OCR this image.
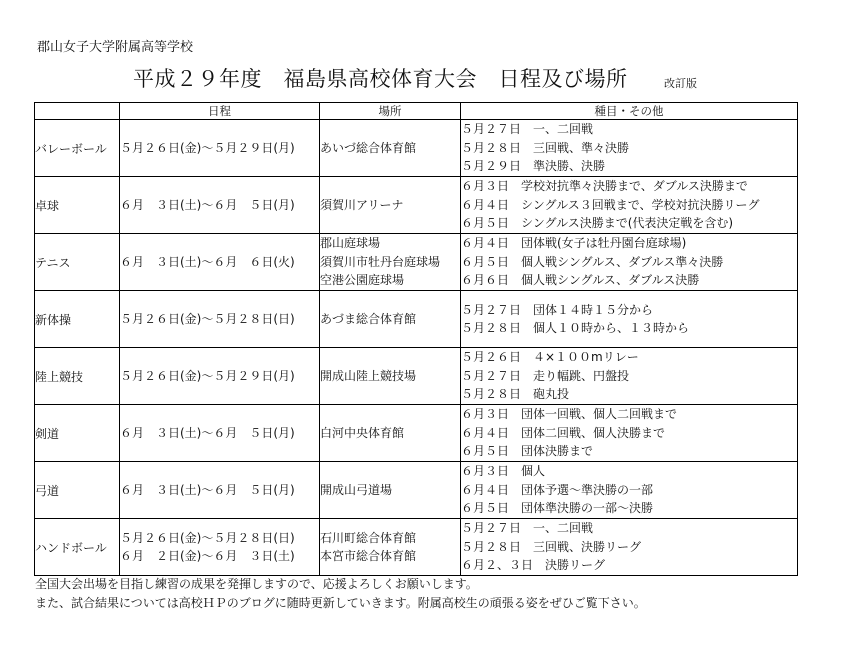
郡山女子大学附属高等学校
平成２９年度　福島県高校体育大会　日程及び場所	改訂版
	日程	場所	種目・その他
バレーボール	５月２６日(金)～５月２９日(月)	あいづ総合体育館	５月２７日　一、二回戦
５月２８日　三回戦、準々決勝
５月２９日　準決勝、決勝

卓球	６月　３日(土)～６月　５日(月)	須賀川アリーナ	６月３日　学校対抗準々決勝まで、ダブルス決勝まで
６月４日　シングルス３回戦まで、学校対抗決勝リーグ
６月５日　シングルス決勝まで(代表決定戦を含む)

テニス	６月　３日(土)～６月　６日(火)	郡山庭球場
須賀川市牡丹台庭球場
空港公園庭球場	６月４日　団体戦(女子は牡丹園台庭球場)
６月５日　個人戦シングルス、ダブルス準々決勝
６月６日　個人戦シングルス、ダブルス決勝

新体操	５月２６日(金)～５月２８日(日)	あづま総合体育館	５月２７日　団体１４時１５分から
５月２８日　個人１０時から、１３時から

陸上競技	５月２６日(金)～５月２９日(月)	開成山陸上競技場	５月２６日　４×１００mリレー
５月２７日　走り幅跳、円盤投
５月２８日　砲丸投

剣道	６月　３日(土)～６月　５日(月)	白河中央体育館	６月３日　団体一回戦、個人二回戦まで
６月４日　団体二回戦、個人決勝まで
６月５日　団体決勝まで

弓道	６月　３日(土)～６月　５日(月)	開成山弓道場	６月３日　個人
６月４日　団体予選～準決勝の一部
６月５日　団体準決勝の一部～決勝

ハンドボール	５月２６日(金)～５月２８日(日)
６月　２日(金)～６月　３日(土)	石川町総合体育館
本宮市総合体育館	５月２７日　一、二回戦
５月２８日　三回戦、決勝リーグ
６月２、３日　決勝リーグ
全国大会出場を目指し練習の成果を発揮しますので、応援よろしくお願いします。
また、試合結果については高校ＨＰのブログに随時更新していきます。附属高校生の頑張る姿をぜひご覧下さい。
